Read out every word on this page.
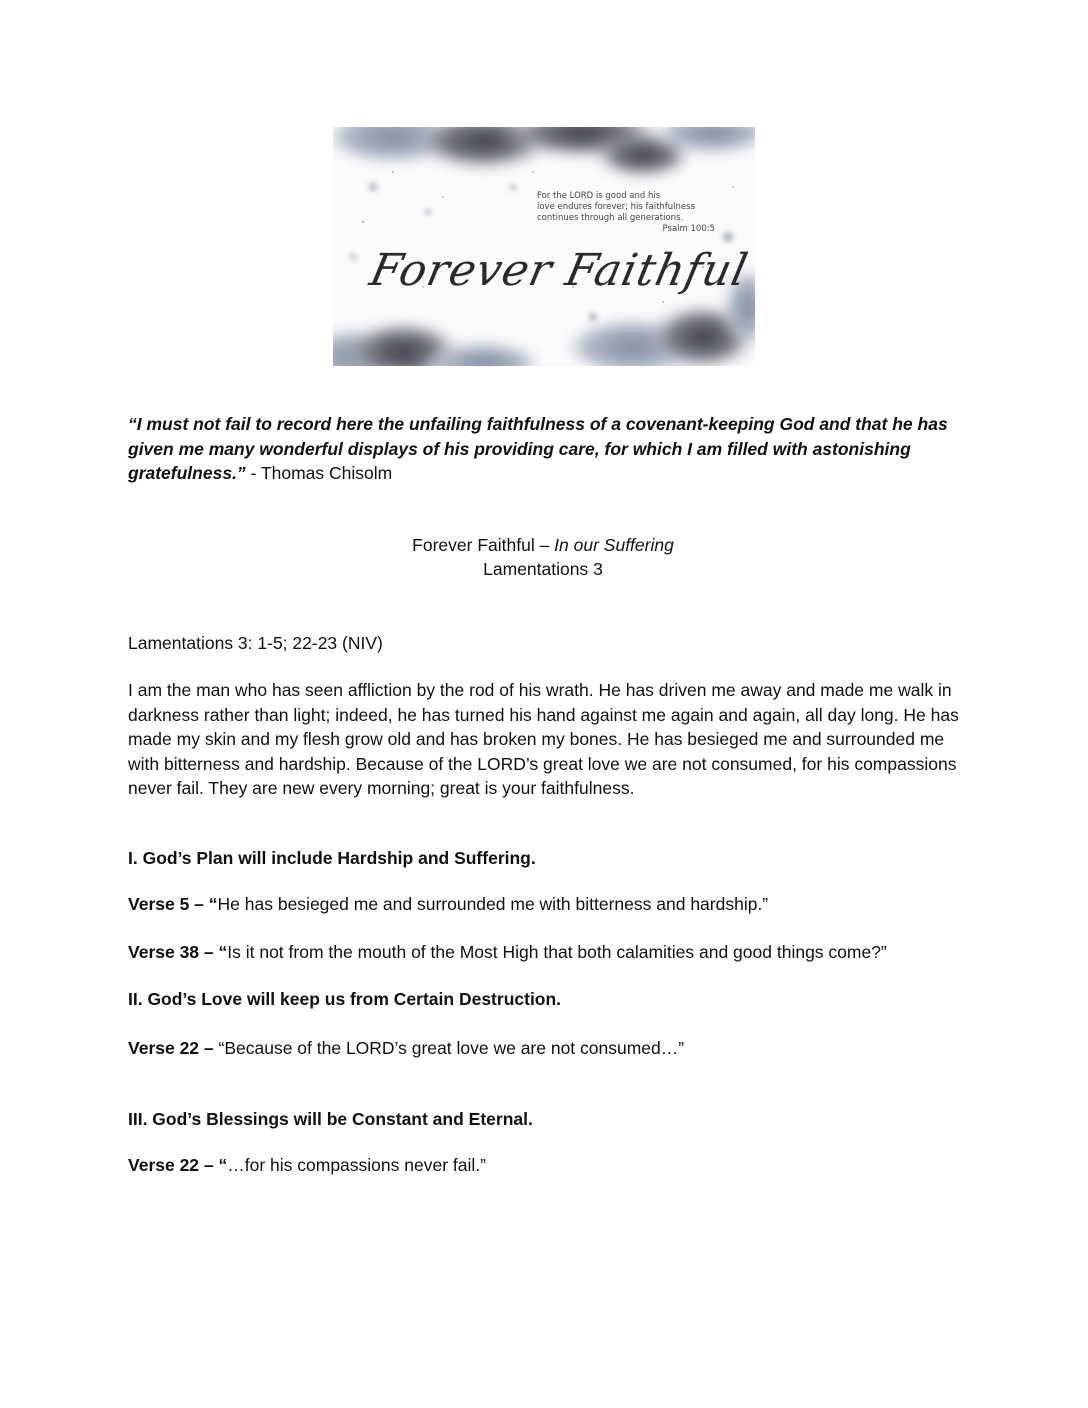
For the LORD is good and his
love endures forever; his faithfulness
continues through all generations.
Psalm 100:5
Forever Faithful
“I must not fail to record here the unfailing faithfulness of a covenant-keeping God and that he has given me many wonderful displays of his providing care, for which I am filled with astonishing gratefulness.” - Thomas Chisolm
Forever Faithful – In our Suffering
Lamentations 3
Lamentations 3: 1-5; 22-23 (NIV)
I am the man who has seen affliction by the rod of his wrath. He has driven me away and made me walk in darkness rather than light; indeed, he has turned his hand against me again and again, all day long. He has made my skin and my flesh grow old and has broken my bones. He has besieged me and surrounded me with bitterness and hardship. Because of the LORD’s great love we are not consumed, for his compassions never fail. They are new every morning; great is your faithfulness.
I. God’s Plan will include Hardship and Suffering.
Verse 5 – “He has besieged me and surrounded me with bitterness and hardship.”
Verse 38 – “Is it not from the mouth of the Most High that both calamities and good things come?”
II. God’s Love will keep us from Certain Destruction.
Verse 22 – “Because of the LORD’s great love we are not consumed…”
III. God’s Blessings will be Constant and Eternal.
Verse 22 – “…for his compassions never fail.”
